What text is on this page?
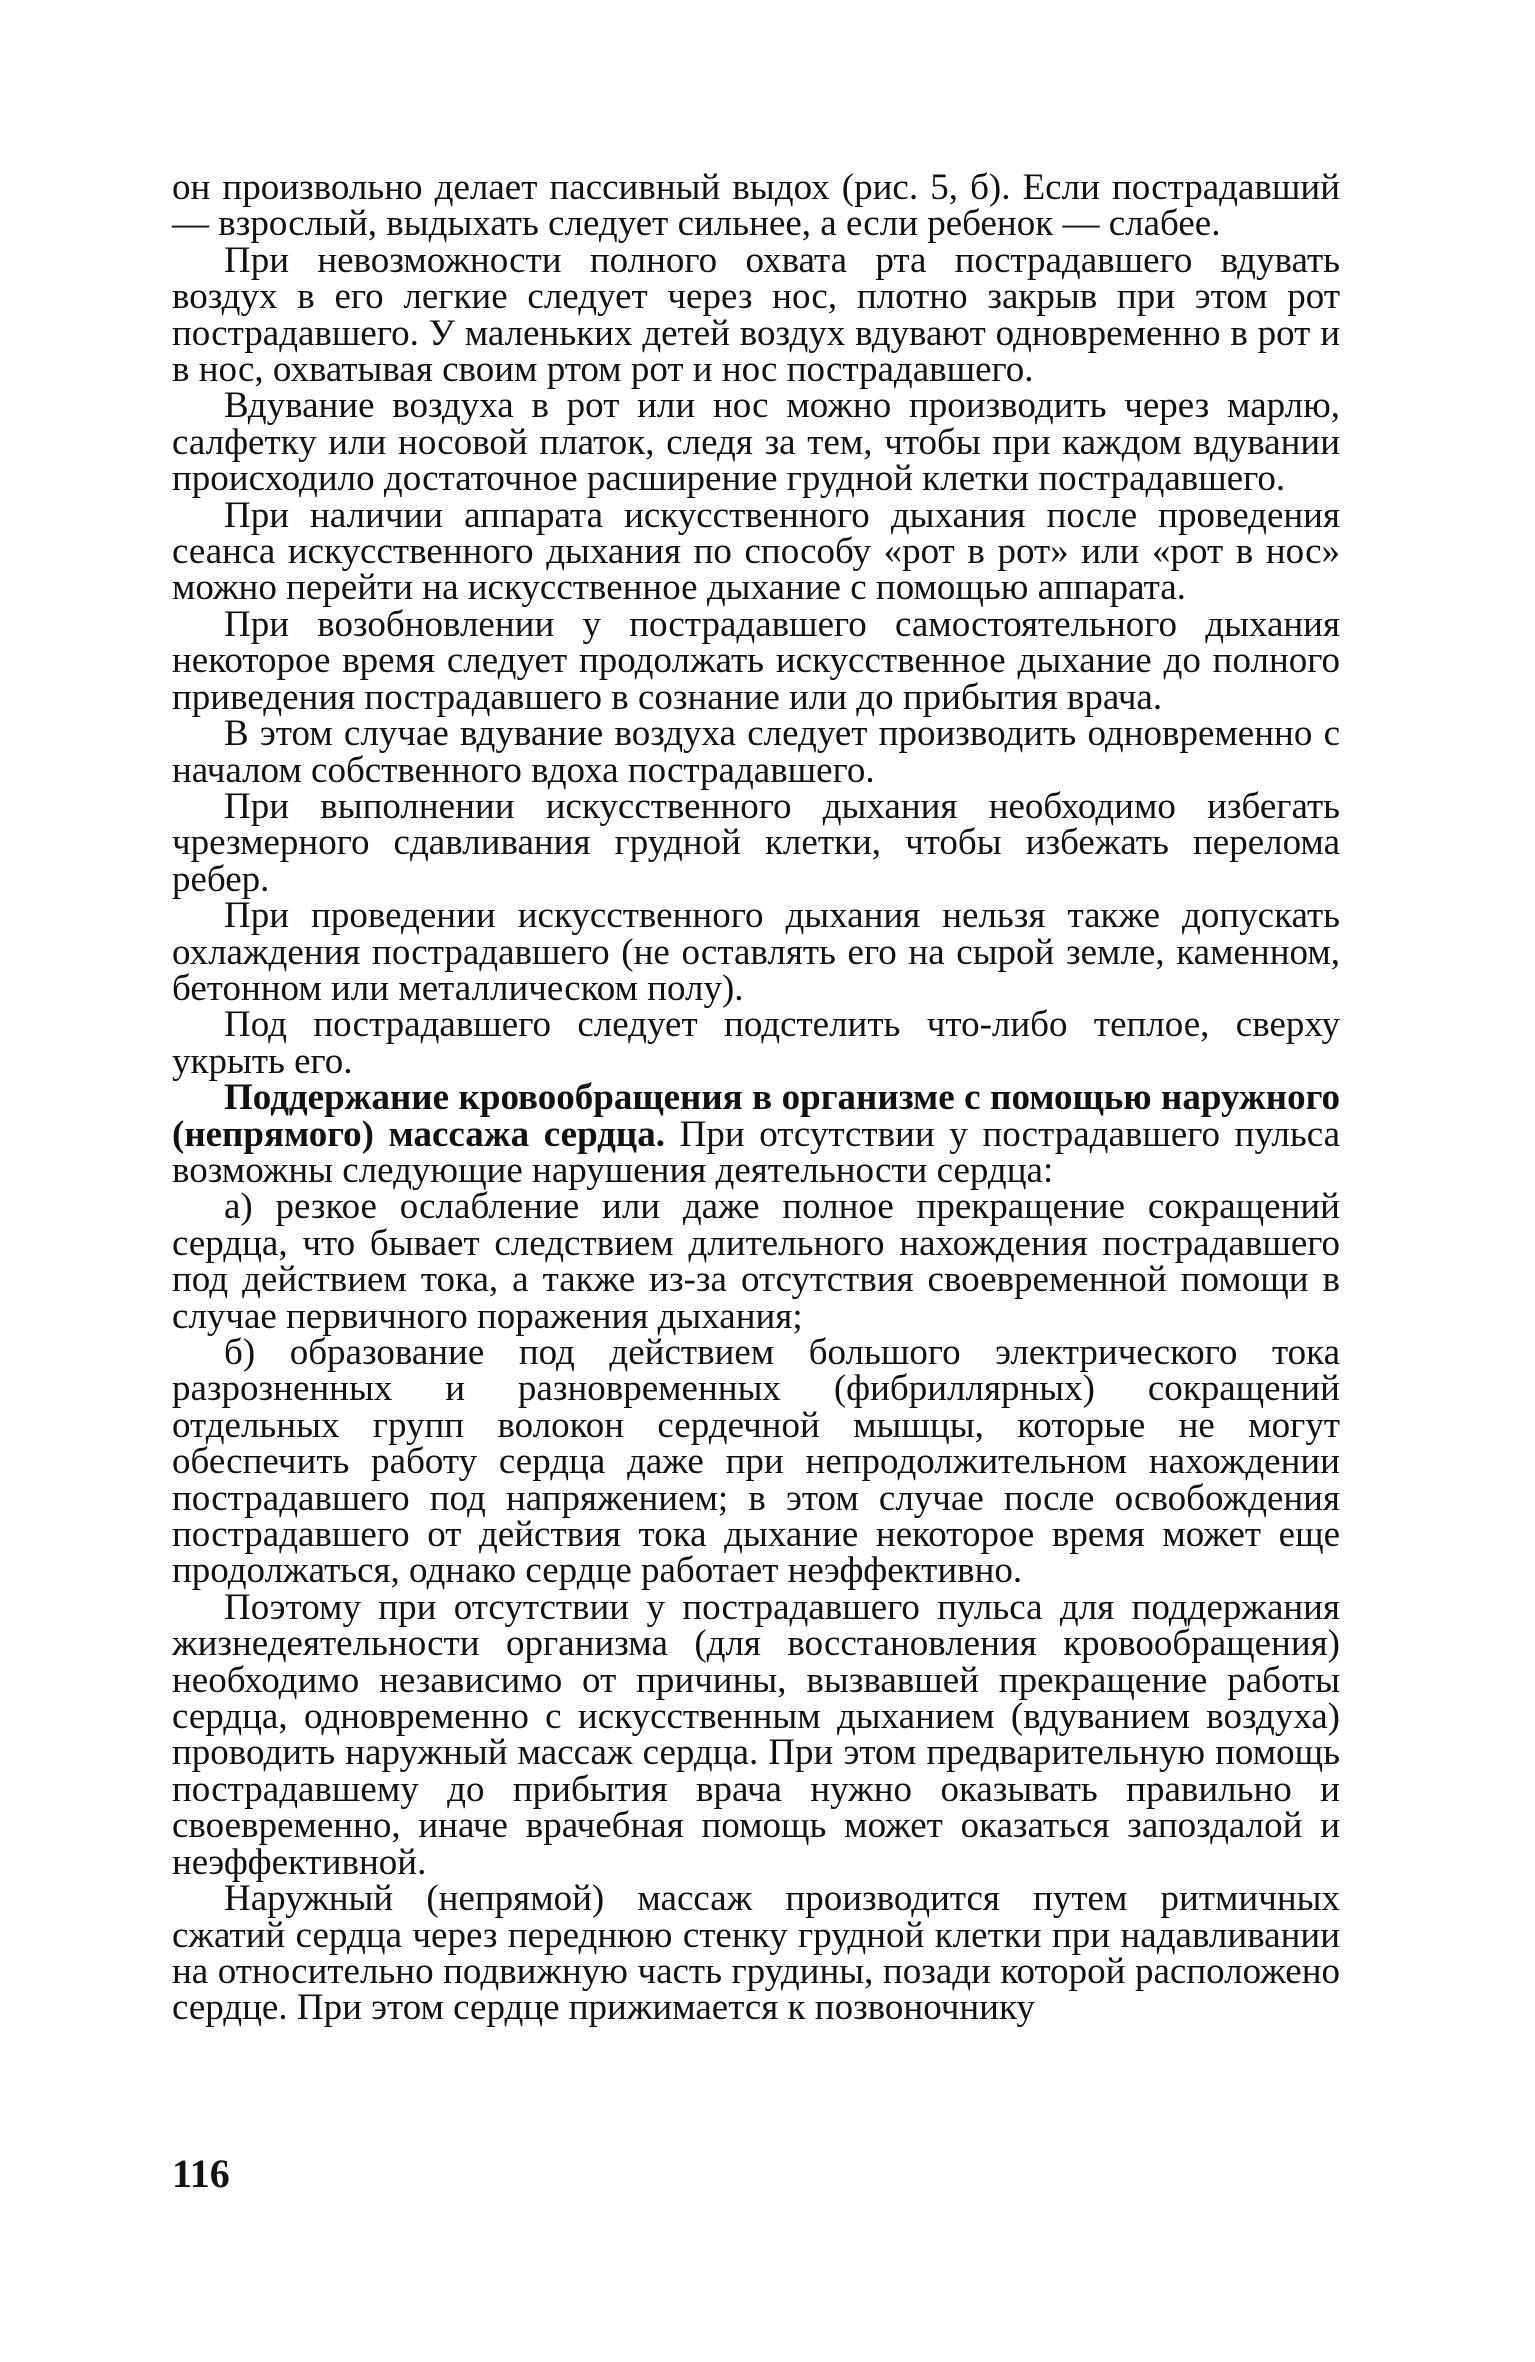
он произвольно делает пассивный выдох (рис. 5, б). Если пострадавший — взрослый, выдыхать следует сильнее, а если ребенок — слабее.

При невозможности полного охвата рта пострадавшего вдувать воздух в его легкие следует через нос, плотно закрыв при этом рот пострадавшего. У маленьких детей воздух вдувают одновременно в рот и в нос, охватывая своим ртом рот и нос пострадавшего.

Вдувание воздуха в рот или нос можно производить через марлю, салфетку или носовой платок, следя за тем, чтобы при каждом вдувании происходило достаточное расширение грудной клетки пострадавшего.

При наличии аппарата искусственного дыхания после проведения сеанса искусственного дыхания по способу «рот в рот» или «рот в нос» можно перейти на искусственное дыхание с помощью аппарата.

При возобновлении у пострадавшего самостоятельного дыхания некоторое время следует продолжать искусственное дыхание до полного приведения пострадавшего в сознание или до прибытия врача.

В этом случае вдувание воздуха следует производить одновременно с началом собственного вдоха пострадавшего.

При выполнении искусственного дыхания необходимо избегать чрезмерного сдавливания грудной клетки, чтобы избежать перелома ребер.

При проведении искусственного дыхания нельзя также допускать охлаждения пострадавшего (не оставлять его на сырой земле, каменном, бетонном или металлическом полу).

Под пострадавшего следует подстелить что-либо теплое, сверху укрыть его.

Поддержание кровообращения в организме с помощью наружного (непрямого) массажа сердца. При отсутствии у пострадавшего пульса возможны следующие нарушения деятельности сердца:

а) резкое ослабление или даже полное прекращение сокращений сердца, что бывает следствием длительного нахождения пострадавшего под действием тока, а также из-за отсутствия своевременной помощи в случае первичного поражения дыхания;

б) образование под действием большого электрического тока разрозненных и разновременных (фибриллярных) сокращений отдельных групп волокон сердечной мышцы, которые не могут обеспечить работу сердца даже при непродолжительном нахождении пострадавшего под напряжением; в этом случае после освобождения пострадавшего от действия тока дыхание некоторое время может еще продолжаться, однако сердце работает неэффективно.

Поэтому при отсутствии у пострадавшего пульса для поддержания жизнедеятельности организма (для восстановления кровообращения) необходимо независимо от причины, вызвавшей прекращение работы сердца, одновременно с искусственным дыханием (вдуванием воздуха) проводить наружный массаж сердца. При этом предварительную помощь пострадавшему до прибытия врача нужно оказывать правильно и своевременно, иначе врачебная помощь может оказаться запоздалой и неэффективной.

Наружный (непрямой) массаж производится путем ритмичных сжатий сердца через переднюю стенку грудной клетки при надавливании на относительно подвижную часть грудины, позади которой расположено сердце. При этом сердце прижимается к позвоночнику

116
